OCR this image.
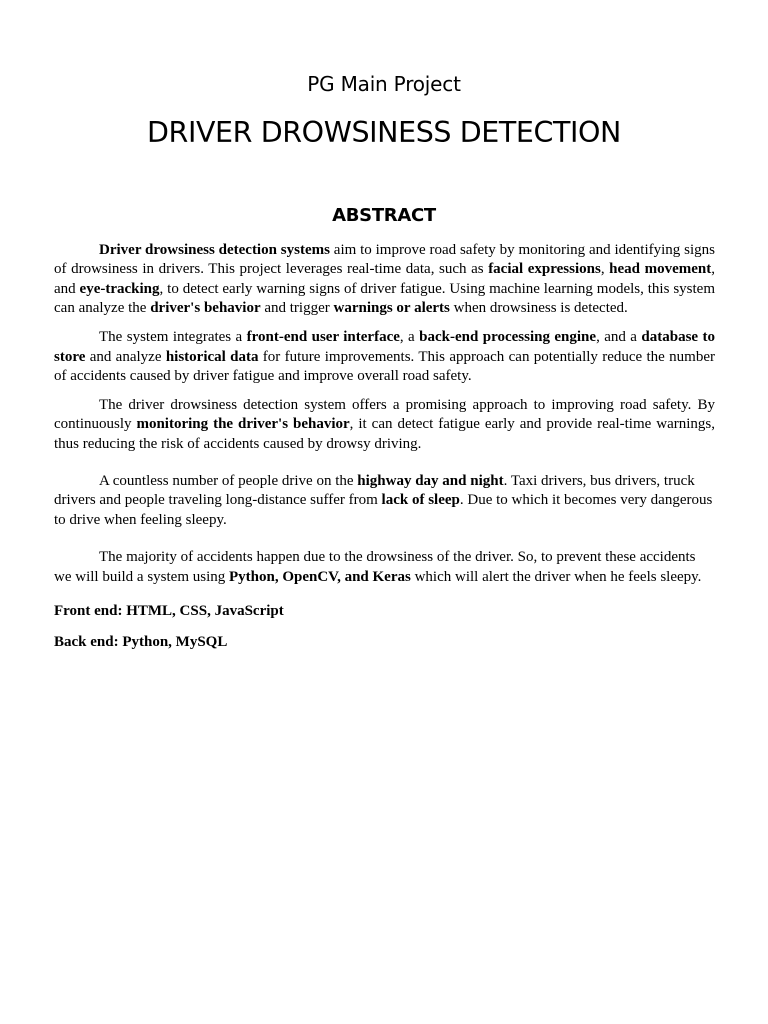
PG Main Project
DRIVER DROWSINESS DETECTION
ABSTRACT

Driver drowsiness detection systems aim to improve road safety by monitoring and identifying signs of drowsiness in drivers. This project leverages real-time data, such as facial expressions, head movement, and eye-tracking, to detect early warning signs of driver fatigue. Using machine learning models, this system can analyze the driver's behavior and trigger warnings or alerts when drowsiness is detected.

The system integrates a front-end user interface, a back-end processing engine, and a database to store and analyze historical data for future improvements. This approach can potentially reduce the number of accidents caused by driver fatigue and improve overall road safety.

The driver drowsiness detection system offers a promising approach to improving road safety. By continuously monitoring the driver's behavior, it can detect fatigue early and provide real-time warnings, thus reducing the risk of accidents caused by drowsy driving.

A countless number of people drive on the highway day and night. Taxi drivers, bus drivers, truck drivers and people traveling long-distance suffer from lack of sleep. Due to which it becomes very dangerous to drive when feeling sleepy.

The majority of accidents happen due to the drowsiness of the driver. So, to prevent these accidents we will build a system using Python, OpenCV, and Keras which will alert the driver when he feels sleepy.

Front end: HTML, CSS, JavaScript

Back end: Python, MySQL
